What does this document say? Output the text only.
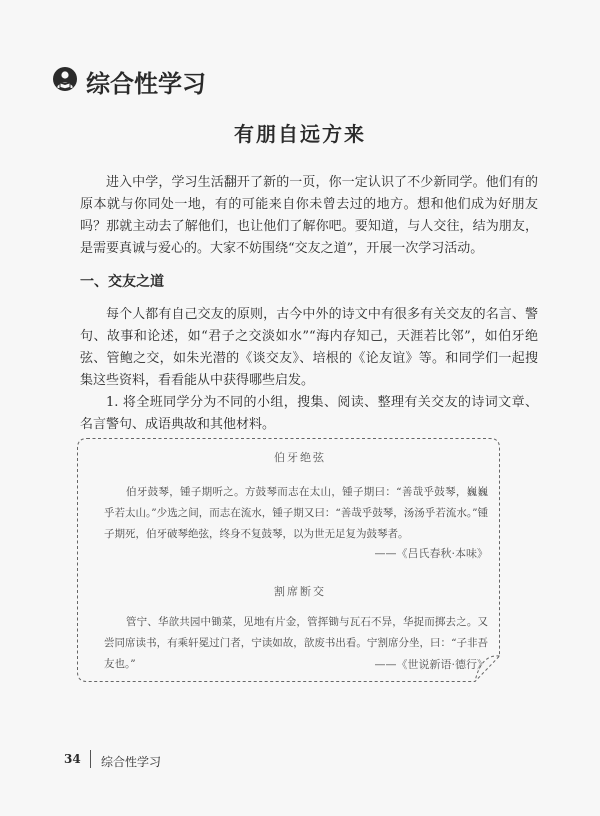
综合性学习
有朋自远方来
进入中学，学习生活翻开了新的一页，你一定认识了不少新同学。他们有的原本就与你同处一地，有的可能来自你未曾去过的地方。想和他们成为好朋友吗？那就主动去了解他们，也让他们了解你吧。要知道，与人交往，结为朋友，是需要真诚与爱心的。大家不妨围绕“交友之道”，开展一次学习活动。
一、交友之道
每个人都有自己交友的原则，古今中外的诗文中有很多有关交友的名言、警句、故事和论述，如“君子之交淡如水”“海内存知己，天涯若比邻”，如伯牙绝弦、管鲍之交，如朱光潜的《谈交友》、培根的《论友谊》等。和同学们一起搜集这些资料，看看能从中获得哪些启发。
1. 将全班同学分为不同的小组，搜集、阅读、整理有关交友的诗词文章、名言警句、成语典故和其他材料。
伯牙绝弦
伯牙鼓琴，锺子期听之。方鼓琴而志在太山，锺子期曰：“善哉乎鼓琴，巍巍乎若太山。”少选之间，而志在流水，锺子期又曰：“善哉乎鼓琴，汤汤乎若流水。”锺子期死，伯牙破琴绝弦，终身不复鼓琴，以为世无足复为鼓琴者。
——《吕氏春秋·本味》
割席断交
管宁、华歆共园中锄菜，见地有片金，管挥锄与瓦石不异，华捉而掷去之。又尝同席读书，有乘轩冕过门者，宁读如故，歆废书出看。宁割席分坐，曰：“子非吾友也。”	——《世说新语·德行》
34 综合性学习
